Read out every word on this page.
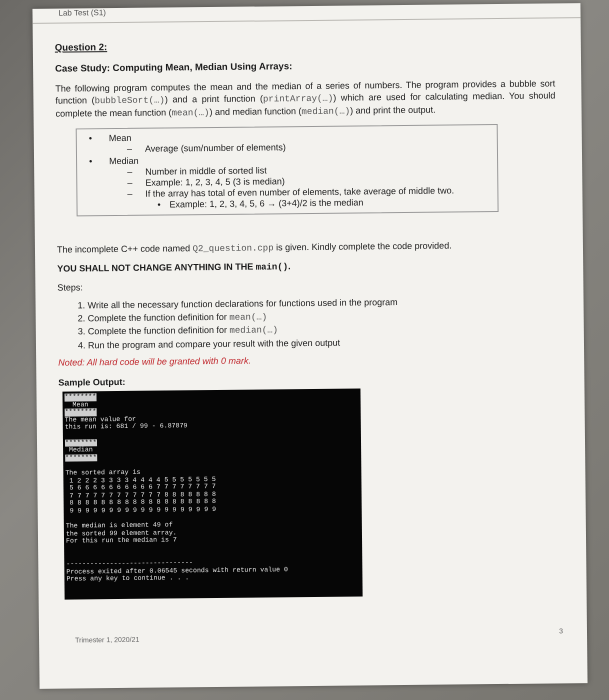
Lab Test (S1)
Question 2:
Case Study: Computing Mean, Median Using Arrays:
The following program computes the mean and the median of a series of numbers. The program provides a bubble sort function (bubbleSort(…)) and a print function (printArray(…)) which are used for calculating median. You should complete the mean function (mean(…)) and median function (median(…)) and print the output.
• Mean
– Average (sum/number of elements)
• Median
– Number in middle of sorted list
– Example: 1, 2, 3, 4, 5 (3 is median)
– If the array has total of even number of elements, take average of middle two.
• Example: 1, 2, 3, 4, 5, 6 → (3+4)/2 is the median
The incomplete C++ code named Q2_question.cpp is given. Kindly complete the code provided.
YOU SHALL NOT CHANGE ANYTHING IN THE main().
Steps:
1. Write all the necessary function declarations for functions used in the program
2. Complete the function definition for mean(…)
3. Complete the function definition for median(…)
4. Run the program and compare your result with the given output
Noted: All hard code will be granted with 0 mark.
Sample Output:
********
Mean
********
The mean value for
this run is: 681 / 99 - 6.87879
********
Median
********
The sorted array is
1 2 2 2 3 3 3 3 4 4 4 4 5 5 5 5 5 5 5
5 6 6 6 6 6 6 6 6 6 6 7 7 7 7 7 7 7 7
7 7 7 7 7 7 7 7 7 7 7 7 8 8 8 8 8 8 8
8 8 8 8 8 8 8 8 8 8 8 8 8 8 8 8 8 8 8
9 9 9 9 9 9 9 9 9 9 9 9 9 9 9 9 9 9 9
The median is element 49 of
the sorted 99 element array.
For this run the median is 7
--------------------------------
Process exited after 0.06545 seconds with return value 0
Press any key to continue . . .
Trimester 1, 2020/21
3
